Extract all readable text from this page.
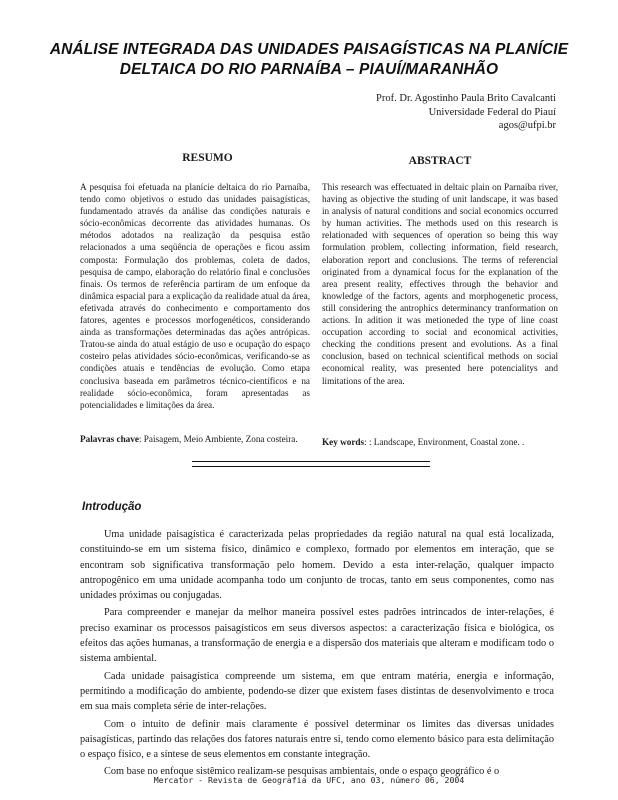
ANÁLISE INTEGRADA DAS UNIDADES PAISAGÍSTICAS NA PLANÍCIE
DELTAICA DO RIO PARNAÍBA – PIAUÍ/MARANHÃO
Prof. Dr. Agostinho Paula Brito Cavalcanti
Universidade Federal do Piauí
agos@ufpi.br
RESUMO
A pesquisa foi efetuada na planície deltaica do rio Parnaíba, tendo como objetivos o estudo das unidades paisagísticas, fundamentado através da análise das condições naturais e sócio-econômicas decorrente das atividades humanas. Os métodos adotados na realização da pesquisa estão relacionados a uma seqüência de operações e ficou assim composta: Formulação dos problemas, coleta de dados, pesquisa de campo, elaboração do relatório final e conclusões finais. Os termos de referência partiram de um enfoque da dinâmica espacial para a explicação da realidade atual da área, efetivada através do conhecimento e comportamento dos fatores, agentes e processos morfogenéticos, considerando ainda as transformações determinadas das ações antrópicas. Tratou-se ainda do atual estágio de uso e ocupação do espaço costeiro pelas atividades sócio-econômicas, verificando-se as condições atuais e tendências de evolução. Como etapa conclusiva baseada em parâmetros técnico-científicos e na realidade sócio-econômica, foram apresentadas as potencialidades e limitações da área.
Palavras chave: Paisagem, Meio Ambiente, Zona costeira.
ABSTRACT
This research was effectuated in deltaic plain on Parnaíba river, having as objective the studing of unit landscape, it was based in analysis of natural conditions and social economics occurred by human activities. The methods used on this research is relationaded with sequences of operation so being this way formulation problem, collecting information, field research, elaboration report and conclusions. The terms of referencial originated from a dynamical focus for the explanation of the area present reality, effectives through the behavior and knowledge of the factors, agents and morphogenetic process, still considering the antrophics determinancy tranformation on actions. In adition it was metioneded the type of line coast occupation according to social and economical activities, checking the conditions present and evolutions. As a final conclusion, based on technical scientifical methods on social economical reality, was presented here potencialitys and limitations of the area.
Key words: : Landscape, Environment, Coastal zone. .
Introdução

Uma unidade paisagística é caracterizada pelas propriedades da região natural na qual está localizada, constituindo-se em um sistema físico, dinâmico e complexo, formado por elementos em interação, que se encontram sob significativa transformação pelo homem. Devido a esta inter-relação, qualquer impacto antropogênico em uma unidade acompanha todo um conjunto de trocas, tanto em seus componentes, como nas unidades próximas ou conjugadas.

Para compreender e manejar da melhor maneira possível estes padrões intrincados de inter-relações, é preciso examinar os processos paisagísticos em seus diversos aspectos: a caracterização física e biológica, os efeitos das ações humanas, a transformação de energia e a dispersão dos materiais que alteram e modificam todo o sistema ambiental.

Cada unidade paisagística compreende um sistema, em que entram matéria, energia e informação, permitindo a modificação do ambiente, podendo-se dizer que existem fases distintas de desenvolvimento e troca em sua mais completa série de inter-relações.

Com o intuito de definir mais claramente é possível determinar os limites das diversas unidades paisagísticas, partindo das relações dos fatores naturais entre si, tendo como elemento básico para esta delimitação o espaço físico, e a síntese de seus elementos em constante integração.

Com base no enfoque sistêmico realizam-se pesquisas ambientais, onde o espaço geográfico é o

Mercator - Revista de Geografia da UFC, ano 03, número 06, 2004
